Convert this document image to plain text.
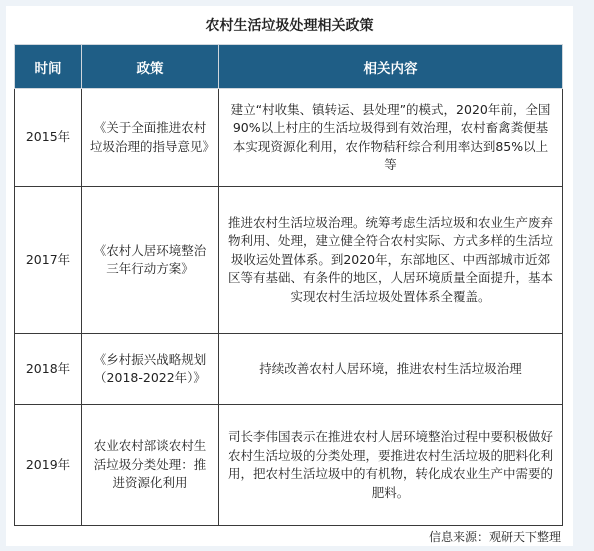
农村生活垃圾处理相关政策
时间	政策	相关内容
2015年	《关于全面推进农村垃圾治理的指导意见》	建立“村收集、镇转运、县处理”的模式，2020年前，全国90%以上村庄的生活垃圾得到有效治理，农村畜禽粪便基本实现资源化利用，农作物秸秆综合利用率达到85%以上等
2017年	《农村人居环境整治三年行动方案》	推进农村生活垃圾治理。统筹考虑生活垃圾和农业生产废弃物利用、处理，建立健全符合农村实际、方式多样的生活垃圾收运处置体系。到2020年，东部地区、中西部城市近郊区等有基础、有条件的地区，人居环境质量全面提升，基本实现农村生活垃圾处置体系全覆盖。
2018年	《乡村振兴战略规划（2018-2022年）》	持续改善农村人居环境，推进农村生活垃圾治理
2019年	农业农村部谈农村生活垃圾分类处理：推进资源化利用	司长李伟国表示在推进农村人居环境整治过程中要积极做好农村生活垃圾的分类处理，要推进农村生活垃圾的肥料化利用，把农村生活垃圾中的有机物，转化成农业生产中需要的肥料。
信息来源：观研天下整理
